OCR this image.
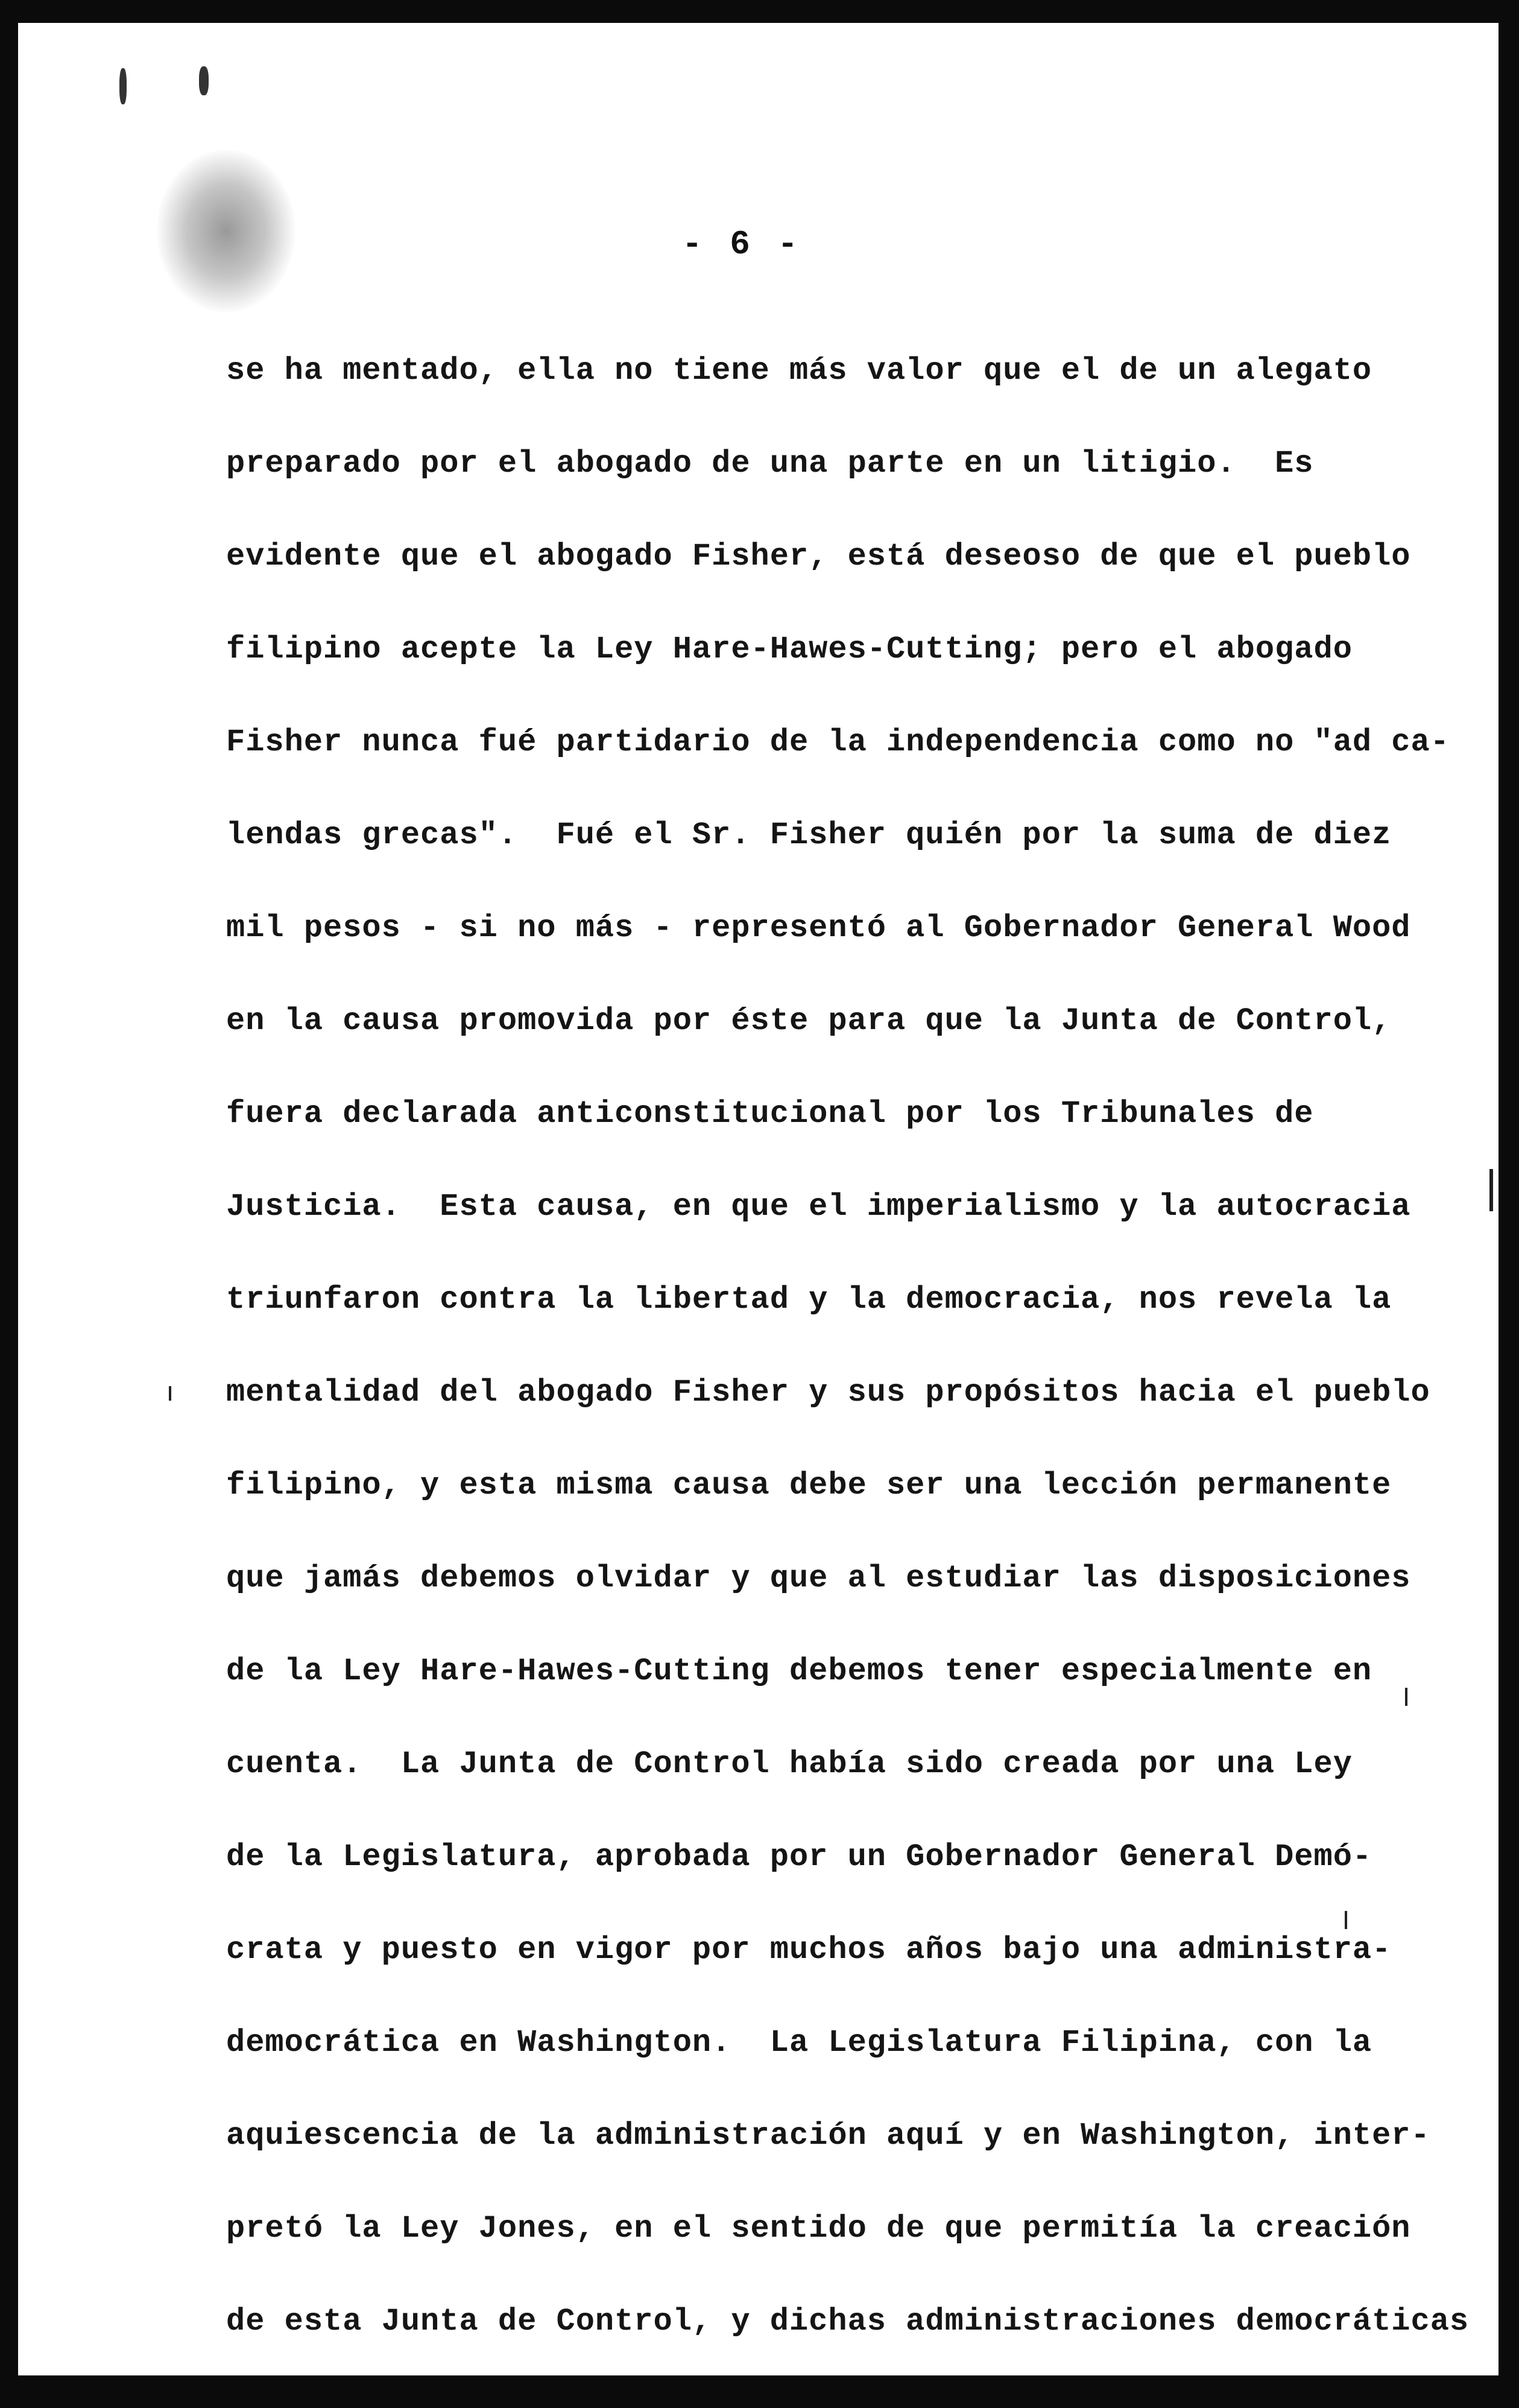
- 6 -
se ha mentado, ella no tiene más valor que el de un alegato
preparado por el abogado de una parte en un litigio.  Es
evidente que el abogado Fisher, está deseoso de que el pueblo
filipino acepte la Ley Hare-Hawes-Cutting; pero el abogado
Fisher nunca fué partidario de la independencia como no "ad ca-
lendas grecas".  Fué el Sr. Fisher quién por la suma de diez
mil pesos - si no más - representó al Gobernador General Wood
en la causa promovida por éste para que la Junta de Control,
fuera declarada anticonstitucional por los Tribunales de
Justicia.  Esta causa, en que el imperialismo y la autocracia
triunfaron contra la libertad y la democracia, nos revela la
mentalidad del abogado Fisher y sus propósitos hacia el pueblo
filipino, y esta misma causa debe ser una lección permanente
que jamás debemos olvidar y que al estudiar las disposiciones
de la Ley Hare-Hawes-Cutting debemos tener especialmente en
cuenta.  La Junta de Control había sido creada por una Ley
de la Legislatura, aprobada por un Gobernador General Demó-
crata y puesto en vigor por muchos años bajo una administra-
democrática en Washington.  La Legislatura Filipina, con la
aquiescencia de la administración aquí y en Washington, inter-
pretó la Ley Jones, en el sentido de que permitía la creación
de esta Junta de Control, y dichas administraciones democráticas
